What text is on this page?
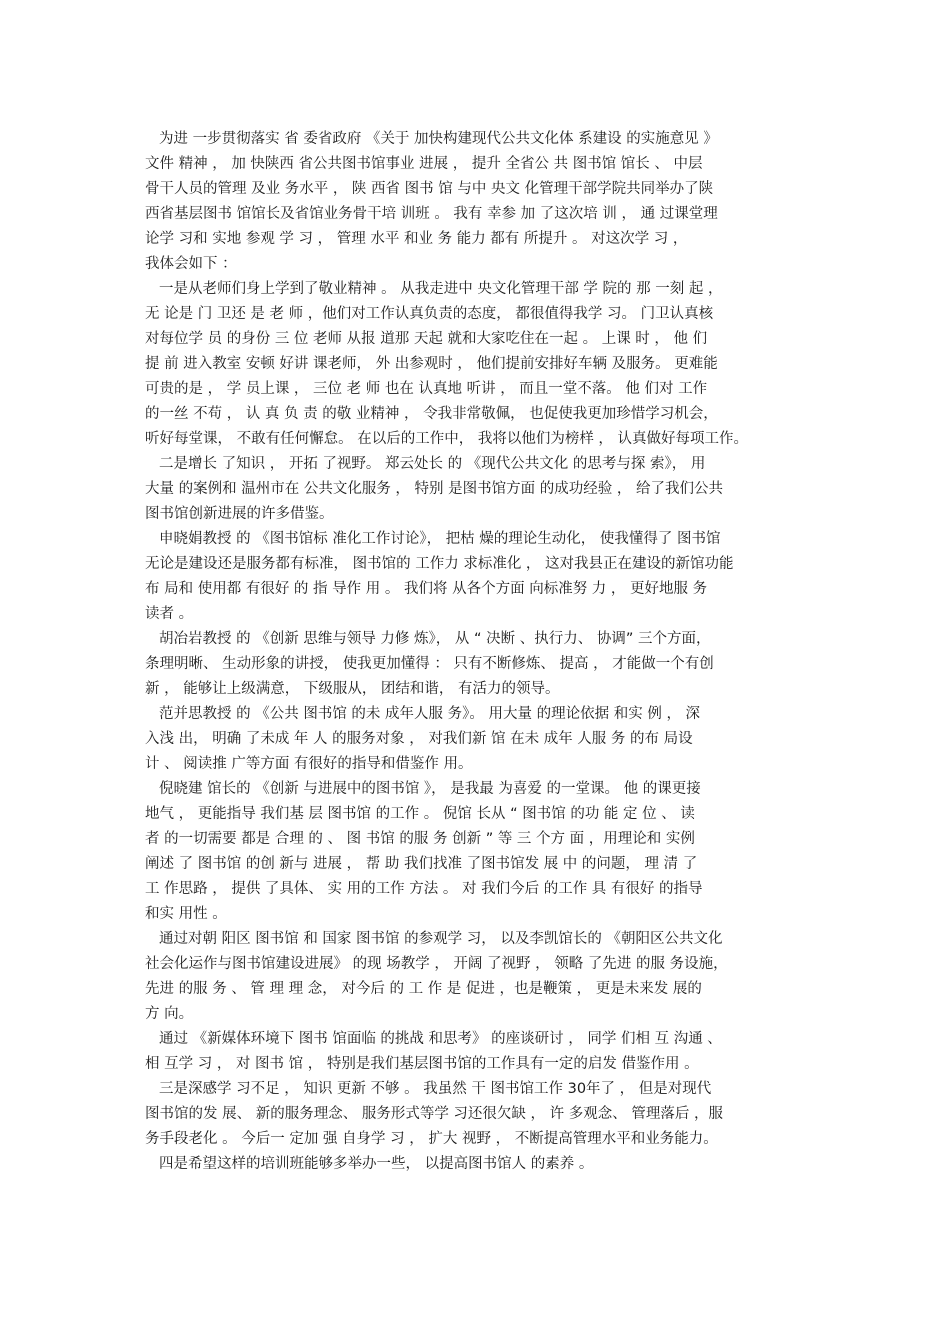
为进 一步贯彻落实 省 委省政府 《关于 加快构建现代公共文化体 系建设 的实施意见 》
文件 精神 ， 加 快陕西 省公共图书馆事业 进展 ， 提升 全省公 共 图书馆 馆长 、 中层
骨干人员的管理 及业 务水平 ， 陕 西省 图书 馆 与中 央文 化管理干部学院共同举办了陕
西省基层图书 馆馆长及省馆业务骨干培 训班 。 我有 幸参 加 了这次培 训 ， 通 过课堂理
论学 习和 实地 参观 学 习 ， 管理 水平 和业 务 能力 都有 所提升 。 对这次学 习 ，
我体会如下 ：
一是从老师们身上学到了敬业精神 。 从我走进中 央文化管理干部 学 院的 那 一刻 起 ，
无 论是 门 卫还 是 老 师 ，他们对工作认真负责的态度， 都很值得我学 习。 门卫认真核
对每位学 员 的身份 三 位 老师 从报 道那 天起 就和大家吃住在一起 。 上课 时 ， 他 们
提 前 进入教室 安顿 好讲 课老师， 外 出参观时 ， 他们提前安排好车辆 及服务。 更难能
可贵的是 ， 学 员上课 ， 三位 老 师 也在 认真地 听讲 ， 而且一堂不落。 他 们对 工作
的一丝 不苟 ， 认 真 负 责 的敬 业精神 ， 令我非常敬佩， 也促使我更加珍惜学习机会，
听好每堂课， 不敢有任何懈怠。 在以后的工作中， 我将以他们为榜样 ， 认真做好每项工作。
二是增长 了知识 ， 开拓 了视野。 郑云处长 的 《现代公共文化 的思考与探 索》， 用
大量 的案例和 温州市在 公共文化服务 ， 特别 是图书馆方面 的成功经验 ， 给了我们公共
图书馆创新进展的许多借鉴。
申晓娟教授 的 《图书馆标 准化工作讨论》， 把枯 燥的理论生动化， 使我懂得了 图书馆
无论是建设还是服务都有标准， 图书馆的 工作力 求标准化 ， 这对我县正在建设的新馆功能
布 局和 使用都 有很好 的 指 导作 用 。 我们将 从各个方面 向标准努 力 ， 更好地服 务
读者 。
胡冶岩教授 的 《创新 思维与领导 力修 炼》， 从 “ 决断 、执行力、 协调” 三个方面，
条理明晰、 生动形象的讲授， 使我更加懂得 ： 只有不断修炼、 提高 ， 才能做一个有创
新 ， 能够让上级满意， 下级服从， 团结和谐， 有活力的领导。
范并思教授 的 《公共 图书馆 的未 成年人服 务》。 用大量 的理论依据 和实 例 ， 深
入浅 出， 明确 了未成 年 人 的服务对象 ， 对我们新 馆 在未 成年 人服 务 的布 局设
计 、 阅读推 广等方面 有很好的指导和借鉴作 用。
倪晓建 馆长的 《创新 与进展中的图书馆 》， 是我最 为喜爱 的一堂课。 他 的课更接
地气 ， 更能指导 我们基 层 图书馆 的工作 。 倪馆 长从 “ 图书馆 的功 能 定 位 、 读
者 的一切需要 都是 合理 的 、 图 书馆 的服 务 创新 ” 等 三 个方 面 ，用理论和 实例
阐述 了 图书馆 的创 新与 进展 ， 帮 助 我们找准 了图书馆发 展 中 的问题， 理 清 了
工 作思路 ， 提供 了具体、 实 用的工作 方法 。 对 我们今后 的工作 具 有很好 的指导
和实 用性 。
通过对朝 阳区 图书馆 和 国家 图书馆 的参观学 习， 以及李凯馆长的 《朝阳区公共文化
社会化运作与图书馆建设进展》 的现 场教学 ， 开阔 了视野 ， 领略 了先进 的服 务设施，
先进 的服 务 、 管 理 理 念， 对今后 的 工 作 是 促进 ，也是鞭策 ， 更是未来发 展的
方 向。
通过 《新媒体环境下 图书 馆面临 的挑战 和思考》 的座谈研讨 ， 同学 们相 互 沟通 、
相 互学 习 ， 对 图书 馆 ， 特别是我们基层图书馆的工作具有一定的启发 借鉴作用 。
三是深感学 习不足 ， 知识 更新 不够 。 我虽然 干 图书馆工作 30年了 ， 但是对现代
图书馆的发 展、 新的服务理念、 服务形式等学 习还很欠缺 ， 许 多观念、 管理落后 ，服
务手段老化 。 今后一 定加 强 自身学 习 ， 扩大 视野 ， 不断提高管理水平和业务能力。
四是希望这样的培训班能够多举办一些， 以提高图书馆人 的素养 。
